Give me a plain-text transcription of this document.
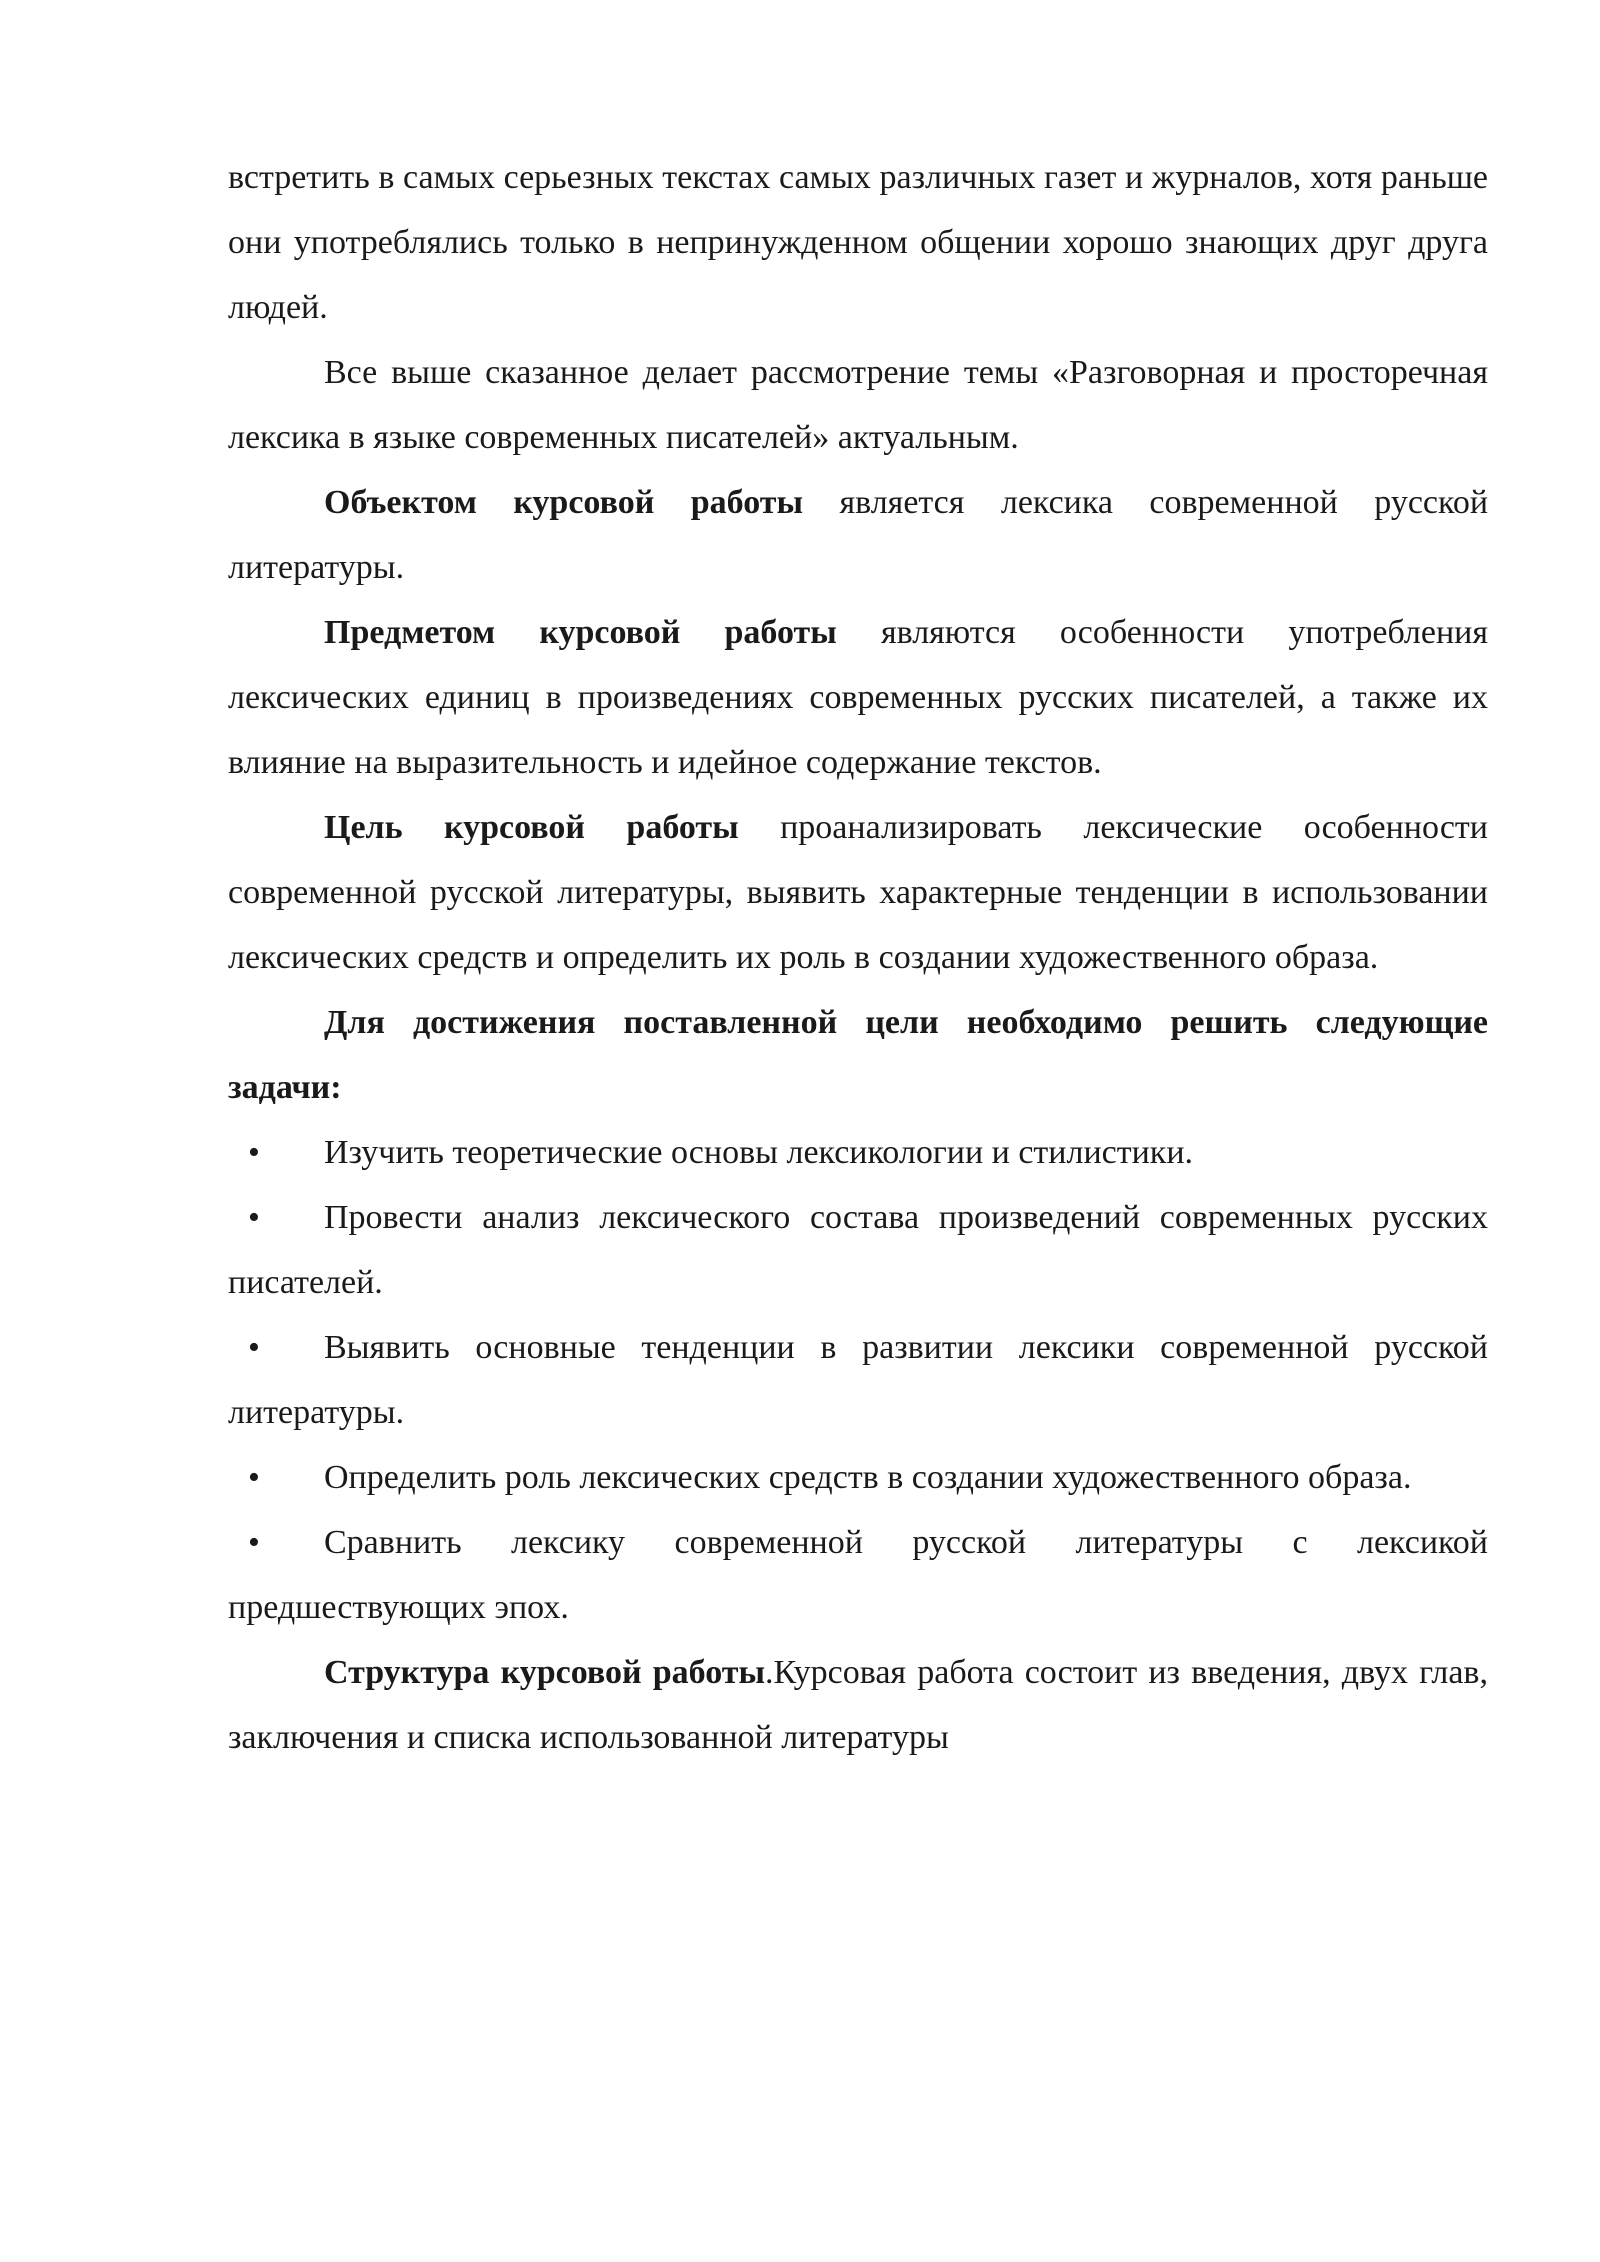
встретить в самых серьезных текстах самых различных газет и журналов, хотя раньше они употреблялись только в непринужденном общении хорошо знающих друг друга людей.

Все выше сказанное делает рассмотрение темы «Разговорная и просторечная лексика в языке современных писателей» актуальным.

Объектом курсовой работы является лексика современной русской литературы.

Предметом курсовой работы являются особенности употребления лексических единиц в произведениях современных русских писателей, а также их влияние на выразительность и идейное содержание текстов.

Цель курсовой работы проанализировать лексические особенности современной русской литературы, выявить характерные тенденции в использовании лексических средств и определить их роль в создании художественного образа.

Для достижения поставленной цели необходимо решить следующие задачи:

•	Изучить теоретические основы лексикологии и стилистики.

•	Провести анализ лексического состава произведений современных русских писателей.

•	Выявить основные тенденции в развитии лексики современной русской литературы.

•	Определить роль лексических средств в создании художественного образа.

•	Сравнить лексику современной русской литературы с лексикой предшествующих эпох.

Структура курсовой работы.Курсовая работа состоит из введения, двух глав, заключения и списка использованной литературы
